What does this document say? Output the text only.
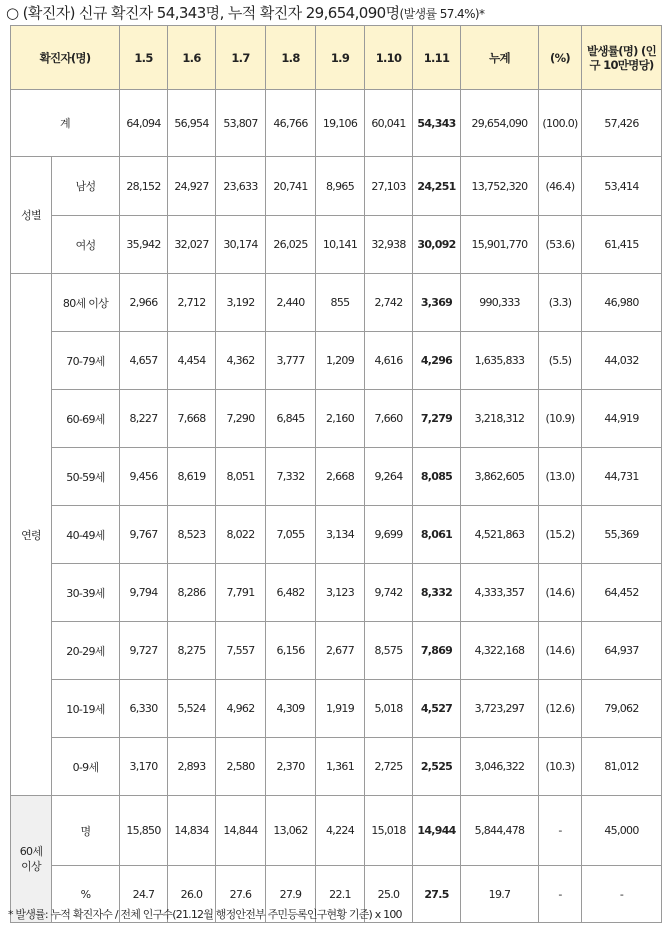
○ (확진자) 신규 확진자 54,343명, 누적 확진자 29,654,090명(발생률 57.4%)*
확진자(명)		1.5	1.6	1.7	1.8	1.9	1.10	1.11	누계	(%)	발생률(명) (인구 10만명당)
계		64,094	56,954	53,807	46,766	19,106	60,041	54,343	29,654,090	(100.0)	57,426
성별	남성	28,152	24,927	23,633	20,741	8,965	27,103	24,251	13,752,320	(46.4)	53,414
	여성	35,942	32,027	30,174	26,025	10,141	32,938	30,092	15,901,770	(53.6)	61,415
연령	80세 이상	2,966	2,712	3,192	2,440	855	2,742	3,369	990,333	(3.3)	46,980
	70-79세	4,657	4,454	4,362	3,777	1,209	4,616	4,296	1,635,833	(5.5)	44,032
	60-69세	8,227	7,668	7,290	6,845	2,160	7,660	7,279	3,218,312	(10.9)	44,919
	50-59세	9,456	8,619	8,051	7,332	2,668	9,264	8,085	3,862,605	(13.0)	44,731
	40-49세	9,767	8,523	8,022	7,055	3,134	9,699	8,061	4,521,863	(15.2)	55,369
	30-39세	9,794	8,286	7,791	6,482	3,123	9,742	8,332	4,333,357	(14.6)	64,452
	20-29세	9,727	8,275	7,557	6,156	2,677	8,575	7,869	4,322,168	(14.6)	64,937
	10-19세	6,330	5,524	4,962	4,309	1,919	5,018	4,527	3,723,297	(12.6)	79,062
	0-9세	3,170	2,893	2,580	2,370	1,361	2,725	2,525	3,046,322	(10.3)	81,012
60세이상	명	15,850	14,834	14,844	13,062	4,224	15,018	14,944	5,844,478	-	45,000
	%	24.7	26.0	27.6	27.9	22.1	25.0	27.5	19.7	-	-
* 발생률: 누적 확진자수 / 전체 인구수(21.12월 행정안전부 주민등록인구현황 기준) x 100
